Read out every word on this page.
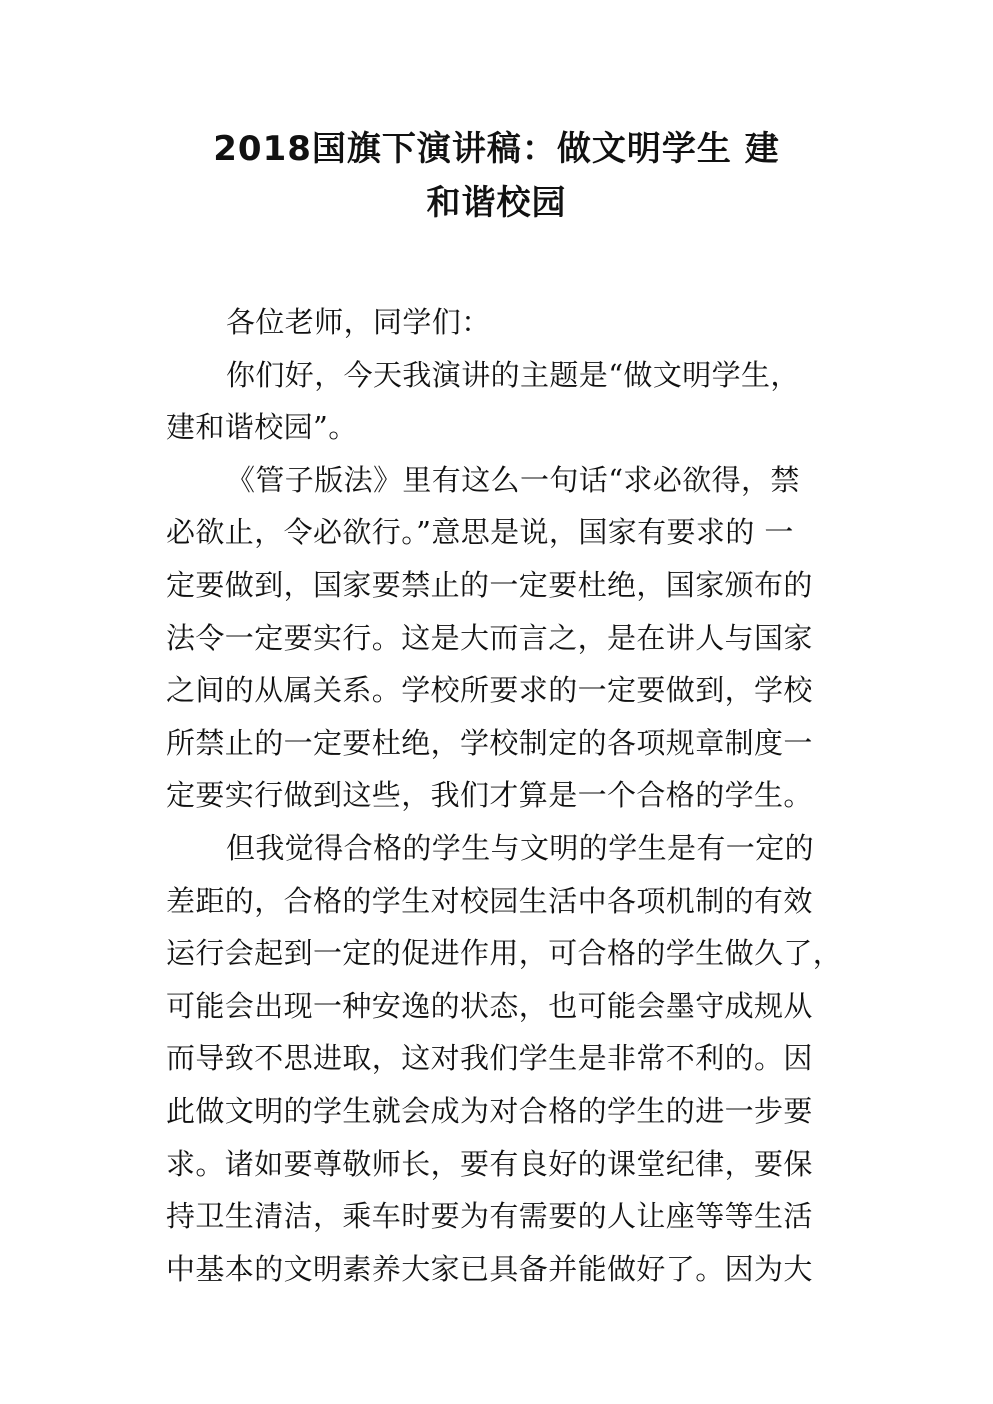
2018国旗下演讲稿：做文明学生 建
和谐校园
各位老师，同学们：
你们好，今天我演讲的主题是“做文明学生，
建和谐校园”。
《管子版法》里有这么一句话“求必欲得，禁
必欲止，令必欲行。”意思是说，国家有要求的 一
定要做到，国家要禁止的一定要杜绝，国家颁布的
法令一定要实行。这是大而言之，是在讲人与国家
之间的从属关系。学校所要求的一定要做到，学校
所禁止的一定要杜绝，学校制定的各项规章制度一
定要实行做到这些，我们才算是一个合格的学生。
但我觉得合格的学生与文明的学生是有一定的
差距的，合格的学生对校园生活中各项机制的有效
运行会起到一定的促进作用，可合格的学生做久了，
可能会出现一种安逸的状态，也可能会墨守成规从
而导致不思进取，这对我们学生是非常不利的。因
此做文明的学生就会成为对合格的学生的进一步要
求。诸如要尊敬师长，要有良好的课堂纪律，要保
持卫生清洁，乘车时要为有需要的人让座等等生活
中基本的文明素养大家已具备并能做好了。因为大
